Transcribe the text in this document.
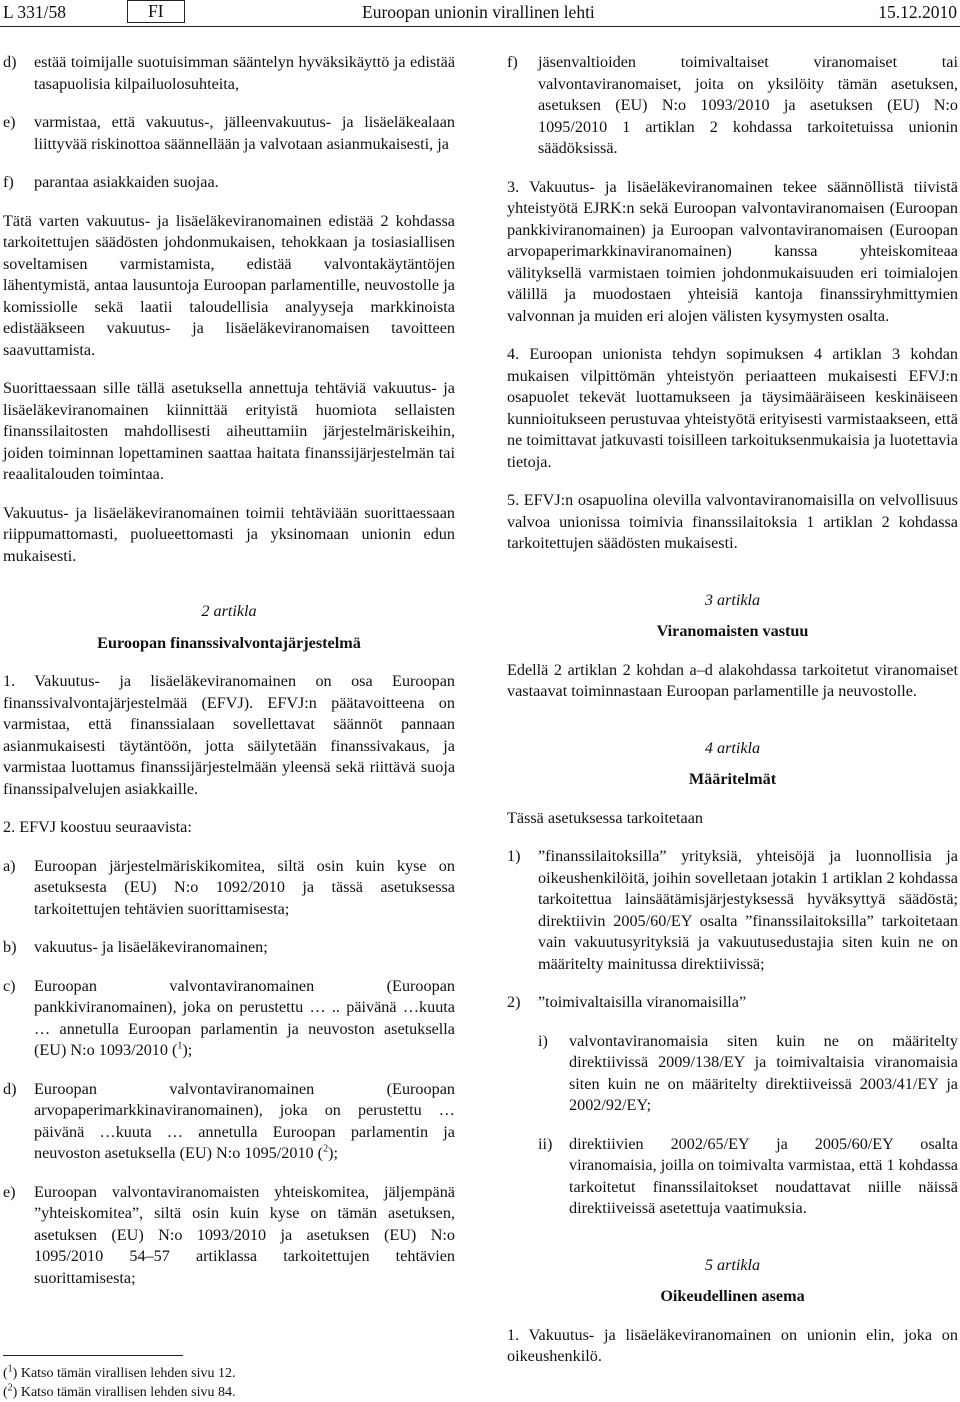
L 331/58	FI	Euroopan unionin virallinen lehti	15.12.2010
d)	estää toimijalle suotuisimman sääntelyn hyväksikäyttö ja edistää tasapuolisia kilpailuolosuhteita,
e)	varmistaa, että vakuutus-, jälleenvakuutus- ja lisäeläkealaan liittyvää riskinottoa säännellään ja valvotaan asianmukaisesti, ja
f)	parantaa asiakkaiden suojaa.

Tätä varten vakuutus- ja lisäeläkeviranomainen edistää 2 kohdassa tarkoitettujen säädösten johdonmukaisen, tehokkaan ja tosiasiallisen soveltamisen varmistamista, edistää valvontakäytäntöjen lähentymistä, antaa lausuntoja Euroopan parlamentille, neuvostolle ja komissiolle sekä laatii taloudellisia analyyseja markkinoista edistääkseen vakuutus- ja lisäeläkeviranomaisen tavoitteen saavuttamista.

Suorittaessaan sille tällä asetuksella annettuja tehtäviä vakuutus- ja lisäeläkeviranomainen kiinnittää erityistä huomiota sellaisten finanssilaitosten mahdollisesti aiheuttamiin järjestelmäriskeihin, joiden toiminnan lopettaminen saattaa haitata finanssijärjestelmän tai reaalitalouden toimintaa.

Vakuutus- ja lisäeläkeviranomainen toimii tehtäviään suorittaessaan riippumattomasti, puolueettomasti ja yksinomaan unionin edun mukaisesti.

2 artikla
Euroopan finanssivalvontajärjestelmä

1. Vakuutus- ja lisäeläkeviranomainen on osa Euroopan finanssivalvontajärjestelmää (EFVJ). EFVJ:n päätavoitteena on varmistaa, että finanssialaan sovellettavat säännöt pannaan asianmukaisesti täytäntöön, jotta säilytetään finanssivakaus, ja varmistaa luottamus finanssijärjestelmään yleensä sekä riittävä suoja finanssipalvelujen asiakkaille.

2. EFVJ koostuu seuraavista:

a)	Euroopan järjestelmäriskikomitea, siltä osin kuin kyse on asetuksesta (EU) N:o 1092/2010 ja tässä asetuksessa tarkoitettujen tehtävien suorittamisesta;
b)	vakuutus- ja lisäeläkeviranomainen;
c)	Euroopan valvontaviranomainen (Euroopan pankkiviranomainen), joka on perustettu … .. päivänä …kuuta … annetulla Euroopan parlamentin ja neuvoston asetuksella (EU) N:o 1093/2010 ($^1$);
d)	Euroopan valvontaviranomainen (Euroopan arvopaperimarkkinaviranomainen), joka on perustettu … päivänä …kuuta … annetulla Euroopan parlamentin ja neuvoston asetuksella (EU) N:o 1095/2010 ($^2$);
e)	Euroopan valvontaviranomaisten yhteiskomitea, jäljempänä ”yhteiskomitea”, siltä osin kuin kyse on tämän asetuksen, asetuksen (EU) N:o 1093/2010 ja asetuksen (EU) N:o 1095/2010 54–57 artiklassa tarkoitettujen tehtävien suorittamisesta;
($^1$) Katso tämän virallisen lehden sivu 12.
($^2$) Katso tämän virallisen lehden sivu 84.
f)	jäsenvaltioiden toimivaltaiset viranomaiset tai valvontaviranomaiset, joita on yksilöity tämän asetuksen, asetuksen (EU) N:o 1093/2010 ja asetuksen (EU) N:o 1095/2010 1 artiklan 2 kohdassa tarkoitetuissa unionin säädöksissä.

3. Vakuutus- ja lisäeläkeviranomainen tekee säännöllistä tiivistä yhteistyötä EJRK:n sekä Euroopan valvontaviranomaisen (Euroopan pankkiviranomainen) ja Euroopan valvontaviranomaisen (Euroopan arvopaperimarkkinaviranomainen) kanssa yhteiskomiteaa välityksellä varmistaen toimien johdonmukaisuuden eri toimialojen välillä ja muodostaen yhteisiä kantoja finanssiryhmittymien valvonnan ja muiden eri alojen välisten kysymysten osalta.

4. Euroopan unionista tehdyn sopimuksen 4 artiklan 3 kohdan mukaisen vilpittömän yhteistyön periaatteen mukaisesti EFVJ:n osapuolet tekevät luottamukseen ja täysimääräiseen keskinäiseen kunnioitukseen perustuvaa yhteistyötä erityisesti varmistaakseen, että ne toimittavat jatkuvasti toisilleen tarkoituksenmukaisia ja luotettavia tietoja.

5. EFVJ:n osapuolina olevilla valvontaviranomaisilla on velvollisuus valvoa unionissa toimivia finanssilaitoksia 1 artiklan 2 kohdassa tarkoitettujen säädösten mukaisesti.

3 artikla
Viranomaisten vastuu

Edellä 2 artiklan 2 kohdan a–d alakohdassa tarkoitetut viranomaiset vastaavat toiminnastaan Euroopan parlamentille ja neuvostolle.

4 artikla
Määritelmät

Tässä asetuksessa tarkoitetaan

1)	”finanssilaitoksilla” yrityksiä, yhteisöjä ja luonnollisia ja oikeushenkilöitä, joihin sovelletaan jotakin 1 artiklan 2 kohdassa tarkoitettua lainsäätämisjärjestyksessä hyväksyttyä säädöstä; direktiivin 2005/60/EY osalta ”finanssilaitoksilla” tarkoitetaan vain vakuutusyrityksiä ja vakuutusedustajia siten kuin ne on määritelty mainitussa direktiivissä;
2)	”toimivaltaisilla viranomaisilla”
i)	valvontaviranomaisia siten kuin ne on määritelty direktiivissä 2009/138/EY ja toimivaltaisia viranomaisia siten kuin ne on määritelty direktiiveissä 2003/41/EY ja 2002/92/EY;
ii)	direktiivien 2002/65/EY ja 2005/60/EY osalta viranomaisia, joilla on toimivalta varmistaa, että 1 kohdassa tarkoitetut finanssilaitokset noudattavat niille näissä direktiiveissä asetettuja vaatimuksia.
5 artikla
Oikeudellinen asema

1. Vakuutus- ja lisäeläkeviranomainen on unionin elin, joka on oikeushenkilö.
